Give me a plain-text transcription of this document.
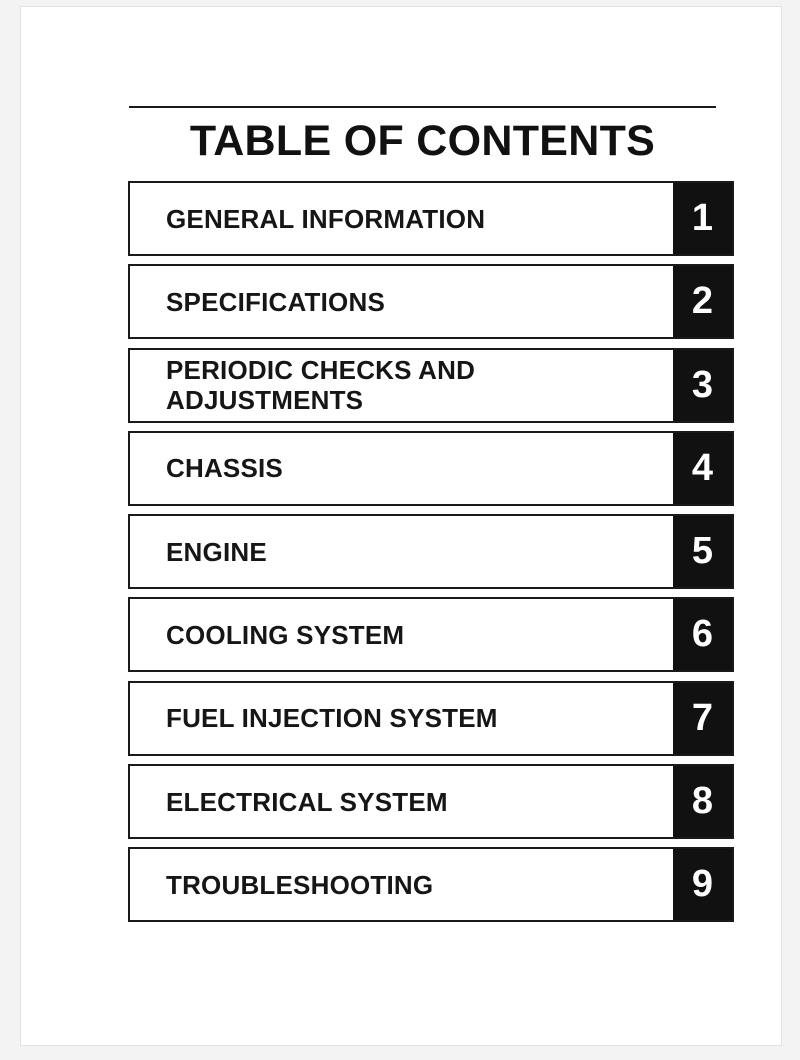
TABLE OF CONTENTS
GENERAL INFORMATION	1
SPECIFICATIONS	2
PERIODIC CHECKS AND
ADJUSTMENTS	3
CHASSIS	4
ENGINE	5
COOLING SYSTEM	6
FUEL INJECTION SYSTEM	7
ELECTRICAL SYSTEM	8
TROUBLESHOOTING	9
